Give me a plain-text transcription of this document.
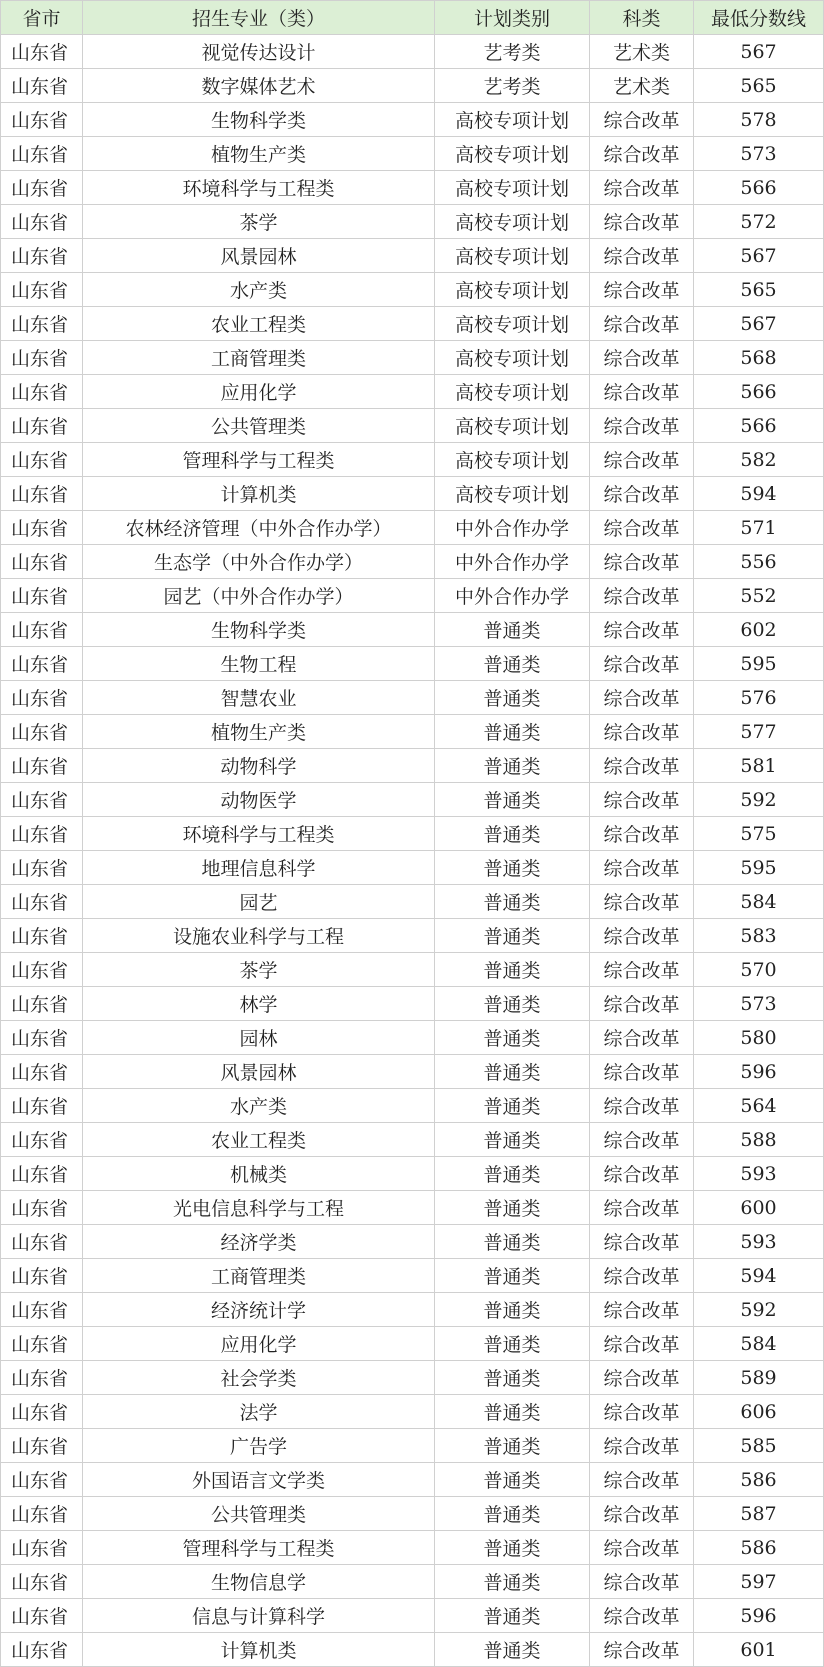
省市	招生专业（类）	计划类别	科类	最低分数线
山东省	视觉传达设计	艺考类	艺术类	567
山东省	数字媒体艺术	艺考类	艺术类	565
山东省	生物科学类	高校专项计划	综合改革	578
山东省	植物生产类	高校专项计划	综合改革	573
山东省	环境科学与工程类	高校专项计划	综合改革	566
山东省	茶学	高校专项计划	综合改革	572
山东省	风景园林	高校专项计划	综合改革	567
山东省	水产类	高校专项计划	综合改革	565
山东省	农业工程类	高校专项计划	综合改革	567
山东省	工商管理类	高校专项计划	综合改革	568
山东省	应用化学	高校专项计划	综合改革	566
山东省	公共管理类	高校专项计划	综合改革	566
山东省	管理科学与工程类	高校专项计划	综合改革	582
山东省	计算机类	高校专项计划	综合改革	594
山东省	农林经济管理（中外合作办学）	中外合作办学	综合改革	571
山东省	生态学（中外合作办学）	中外合作办学	综合改革	556
山东省	园艺（中外合作办学）	中外合作办学	综合改革	552
山东省	生物科学类	普通类	综合改革	602
山东省	生物工程	普通类	综合改革	595
山东省	智慧农业	普通类	综合改革	576
山东省	植物生产类	普通类	综合改革	577
山东省	动物科学	普通类	综合改革	581
山东省	动物医学	普通类	综合改革	592
山东省	环境科学与工程类	普通类	综合改革	575
山东省	地理信息科学	普通类	综合改革	595
山东省	园艺	普通类	综合改革	584
山东省	设施农业科学与工程	普通类	综合改革	583
山东省	茶学	普通类	综合改革	570
山东省	林学	普通类	综合改革	573
山东省	园林	普通类	综合改革	580
山东省	风景园林	普通类	综合改革	596
山东省	水产类	普通类	综合改革	564
山东省	农业工程类	普通类	综合改革	588
山东省	机械类	普通类	综合改革	593
山东省	光电信息科学与工程	普通类	综合改革	600
山东省	经济学类	普通类	综合改革	593
山东省	工商管理类	普通类	综合改革	594
山东省	经济统计学	普通类	综合改革	592
山东省	应用化学	普通类	综合改革	584
山东省	社会学类	普通类	综合改革	589
山东省	法学	普通类	综合改革	606
山东省	广告学	普通类	综合改革	585
山东省	外国语言文学类	普通类	综合改革	586
山东省	公共管理类	普通类	综合改革	587
山东省	管理科学与工程类	普通类	综合改革	586
山东省	生物信息学	普通类	综合改革	597
山东省	信息与计算科学	普通类	综合改革	596
山东省	计算机类	普通类	综合改革	601
